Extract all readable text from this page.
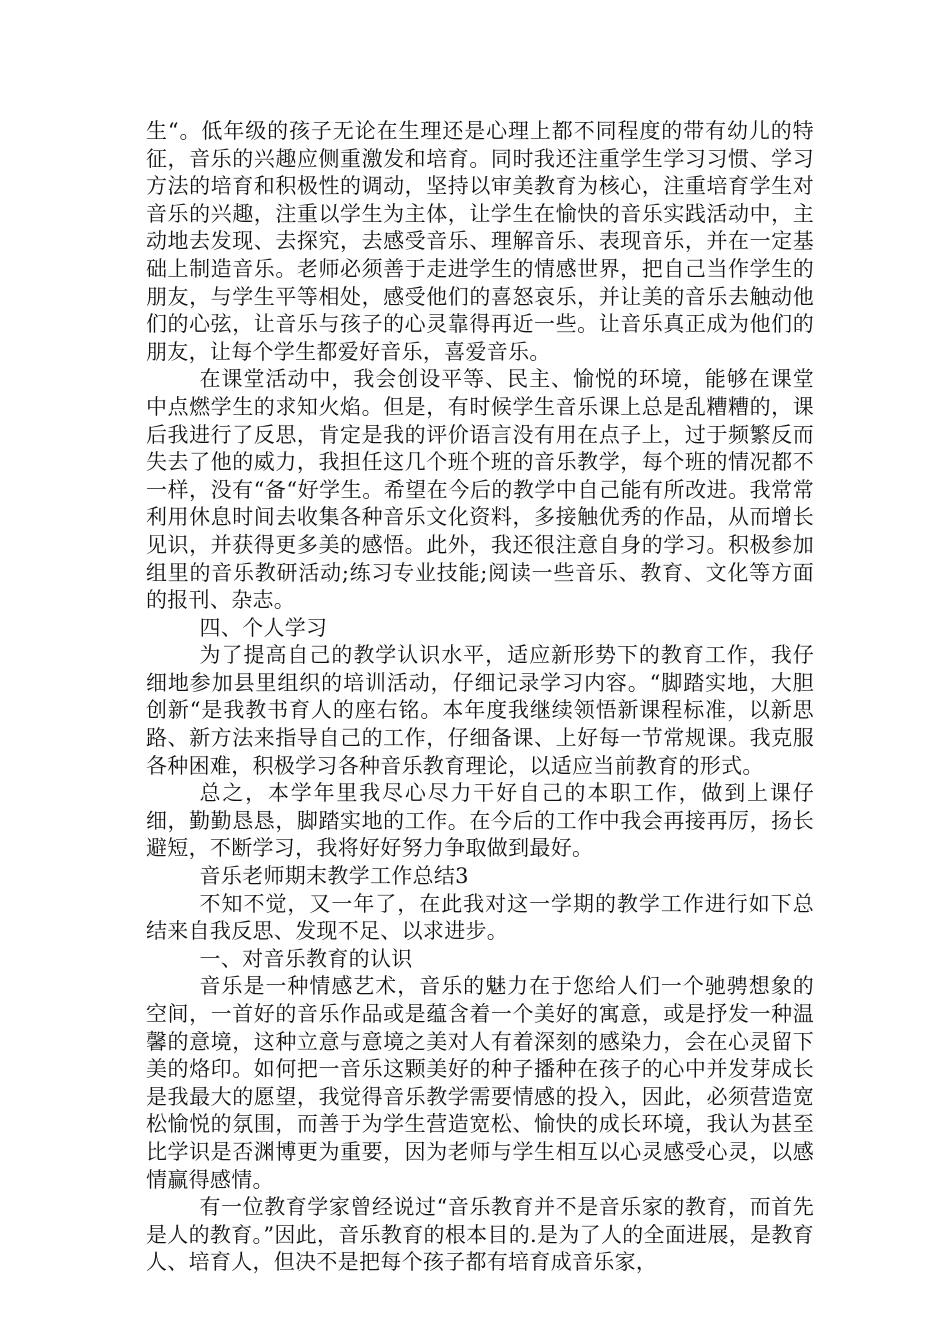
生“。低年级的孩子无论在生理还是心理上都不同程度的带有幼儿的特征，音乐的兴趣应侧重激发和培育。同时我还注重学生学习习惯、学习方法的培育和积极性的调动，坚持以审美教育为核心，注重培育学生对音乐的兴趣，注重以学生为主体，让学生在愉快的音乐实践活动中，主动地去发现、去探究，去感受音乐、理解音乐、表现音乐，并在一定基础上制造音乐。老师必须善于走进学生的情感世界，把自己当作学生的朋友，与学生平等相处，感受他们的喜怒哀乐，并让美的音乐去触动他们的心弦，让音乐与孩子的心灵靠得再近一些。让音乐真正成为他们的朋友，让每个学生都爱好音乐，喜爱音乐。

在课堂活动中，我会创设平等、民主、愉悦的环境，能够在课堂中点燃学生的求知火焰。但是，有时候学生音乐课上总是乱糟糟的，课后我进行了反思，肯定是我的评价语言没有用在点子上，过于频繁反而失去了他的威力，我担任这几个班个班的音乐教学，每个班的情况都不一样，没有“备“好学生。希望在今后的教学中自己能有所改进。我常常利用休息时间去收集各种音乐文化资料，多接触优秀的作品，从而增长见识，并获得更多美的感悟。此外，我还很注意自身的学习。积极参加组里的音乐教研活动;练习专业技能;阅读一些音乐、教育、文化等方面的报刊、杂志。

四、个人学习

为了提高自己的教学认识水平，适应新形势下的教育工作，我仔细地参加县里组织的培训活动，仔细记录学习内容。“脚踏实地，大胆创新“是我教书育人的座右铭。本年度我继续领悟新课程标准，以新思路、新方法来指导自己的工作，仔细备课、上好每一节常规课。我克服各种困难，积极学习各种音乐教育理论，以适应当前教育的形式。

总之，本学年里我尽心尽力干好自己的本职工作，做到上课仔细，勤勤恳恳，脚踏实地的工作。在今后的工作中我会再接再厉，扬长避短，不断学习，我将好好努力争取做到最好。

音乐老师期末教学工作总结3

不知不觉，又一年了，在此我对这一学期的教学工作进行如下总结来自我反思、发现不足、以求进步。

一、对音乐教育的认识

音乐是一种情感艺术，音乐的魅力在于您给人们一个驰骋想象的空间，一首好的音乐作品或是蕴含着一个美好的寓意，或是抒发一种温馨的意境，这种立意与意境之美对人有着深刻的感染力，会在心灵留下美的烙印。如何把一音乐这颗美好的种子播种在孩子的心中并发芽成长是我最大的愿望，我觉得音乐教学需要情感的投入，因此，必须营造宽松愉悦的氛围，而善于为学生营造宽松、愉快的成长环境，我认为甚至比学识是否渊博更为重要，因为老师与学生相互以心灵感受心灵，以感情赢得感情。

有一位教育学家曾经说过“音乐教育并不是音乐家的教育，而首先是人的教育。”因此，音乐教育的根本目的.是为了人的全面进展，是教育人、培育人，但决不是把每个孩子都有培育成音乐家，
